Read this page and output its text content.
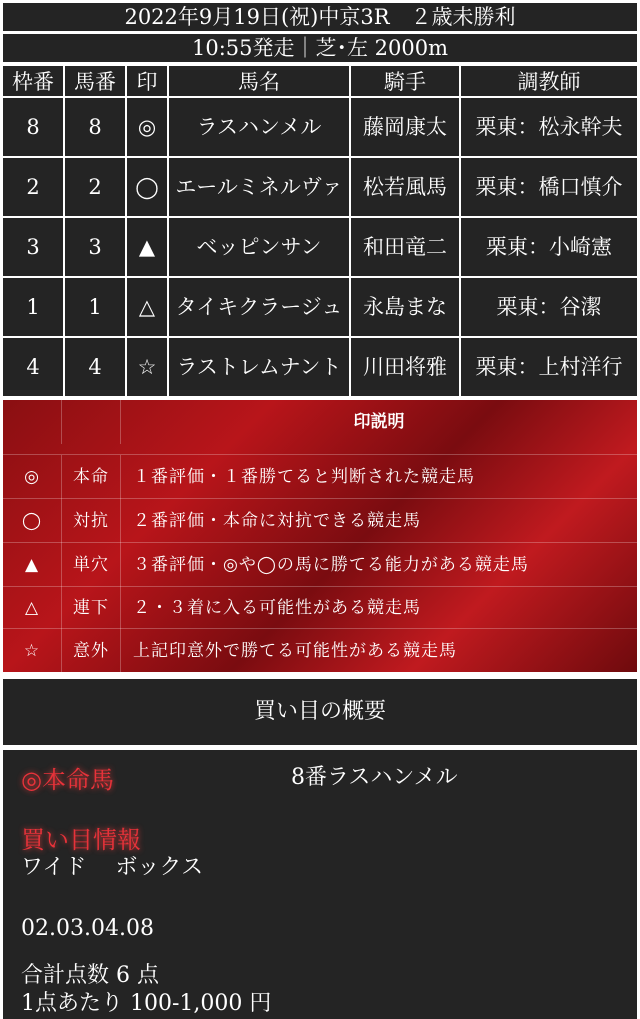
2022年9月19日(祝)中京3R　２歳未勝利
10:55発走｜芝･左 2000m
枠番	馬番	印	馬名	騎手	調教師
8	8	◎	ラスハンメル	藤岡康太	栗東：松永幹夫
2	2	◯	エールミネルヴァ	松若風馬	栗東：橋口慎介
3	3	▲	ベッピンサン	和田竜二	栗東：小崎憲
1	1	△	タイキクラージュ	永島まな	栗東：谷潔
4	4	☆	ラストレムナント	川田将雅	栗東：上村洋行
印説明
◎	本命	１番評価・１番勝てると判断された競走馬
◯	対抗	２番評価・本命に対抗できる競走馬
▲	単穴	３番評価・◎や◯の馬に勝てる能力がある競走馬
△	連下	２・３着に入る可能性がある競走馬
☆	意外	上記印意外で勝てる可能性がある競走馬
買い目の概要
◎本命馬	8番ラスハンメル
買い目情報
ワイド　 ボックス
02.03.04.08
合計点数 6 点
1点あたり 100-1,000 円
